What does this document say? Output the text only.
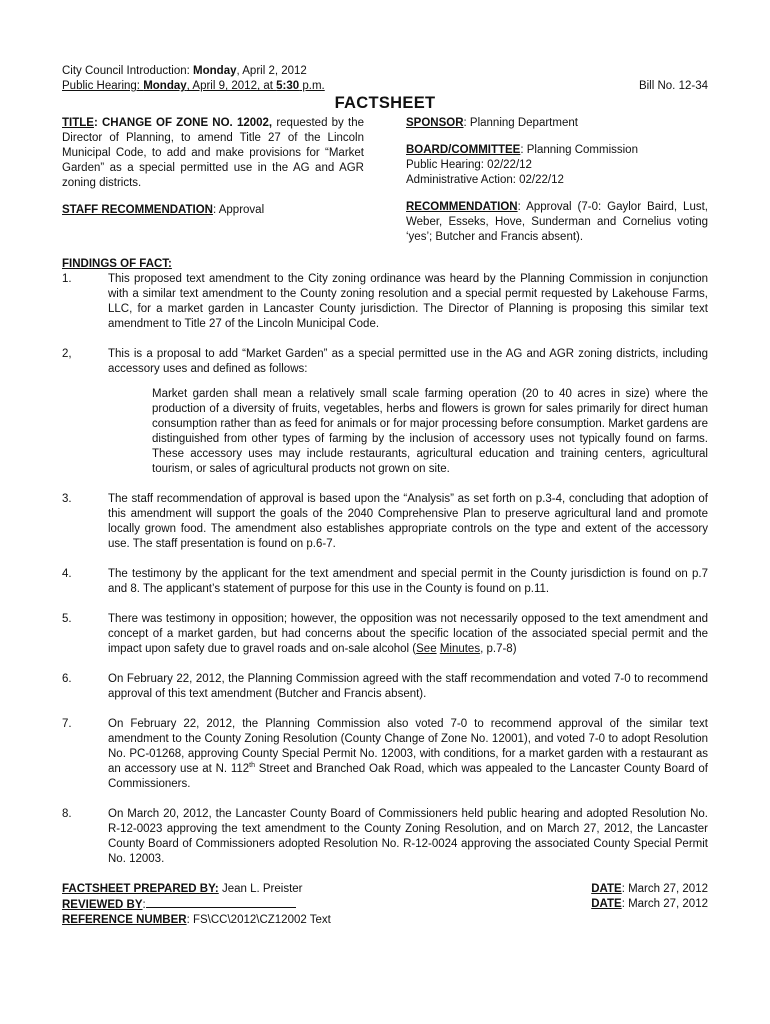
City Council Introduction: Monday, April 2, 2012
Public Hearing: Monday, April 9, 2012, at 5:30 p.m.	Bill No. 12-34
FACTSHEET
TITLE: CHANGE OF ZONE NO. 12002, requested by the Director of Planning, to amend Title 27 of the Lincoln Municipal Code, to add and make provisions for “Market Garden” as a special permitted use in the AG and AGR zoning districts.
STAFF RECOMMENDATION: Approval
SPONSOR: Planning Department
BOARD/COMMITTEE: Planning Commission
Public Hearing: 02/22/12
Administrative Action: 02/22/12
RECOMMENDATION: Approval (7-0: Gaylor Baird, Lust, Weber, Esseks, Hove, Sunderman and Cornelius voting ‘yes’; Butcher and Francis absent).
FINDINGS OF FACT:
1.	This proposed text amendment to the City zoning ordinance was heard by the Planning Commission in conjunction with a similar text amendment to the County zoning resolution and a special permit requested by Lakehouse Farms, LLC, for a market garden in Lancaster County jurisdiction. The Director of Planning is proposing this similar text amendment to Title 27 of the Lincoln Municipal Code.
2,	This is a proposal to add “Market Garden” as a special permitted use in the AG and AGR zoning districts, including accessory uses and defined as follows:
Market garden shall mean a relatively small scale farming operation (20 to 40 acres in size) where the production of a diversity of fruits, vegetables, herbs and flowers is grown for sales primarily for direct human consumption rather than as feed for animals or for major processing before consumption. Market gardens are distinguished from other types of farming by the inclusion of accessory uses not typically found on farms. These accessory uses may include restaurants, agricultural education and training centers, agricultural tourism, or sales of agricultural products not grown on site.
3.	The staff recommendation of approval is based upon the “Analysis” as set forth on p.3-4, concluding that adoption of this amendment will support the goals of the 2040 Comprehensive Plan to preserve agricultural land and promote locally grown food. The amendment also establishes appropriate controls on the type and extent of the accessory use. The staff presentation is found on p.6-7.
4.	The testimony by the applicant for the text amendment and special permit in the County jurisdiction is found on p.7 and 8. The applicant’s statement of purpose for this use in the County is found on p.11.
5.	There was testimony in opposition; however, the opposition was not necessarily opposed to the text amendment and concept of a market garden, but had concerns about the specific location of the associated special permit and the impact upon safety due to gravel roads and on-sale alcohol (See Minutes, p.7-8)
6.	On February 22, 2012, the Planning Commission agreed with the staff recommendation and voted 7-0 to recommend approval of this text amendment (Butcher and Francis absent).
7.	On February 22, 2012, the Planning Commission also voted 7-0 to recommend approval of the similar text amendment to the County Zoning Resolution (County Change of Zone No. 12001), and voted 7-0 to adopt Resolution No. PC-01268, approving County Special Permit No. 12003, with conditions, for a market garden with a restaurant as an accessory use at N. 112th Street and Branched Oak Road, which was appealed to the Lancaster County Board of Commissioners.
8.	On March 20, 2012, the Lancaster County Board of Commissioners held public hearing and adopted Resolution No. R-12-0023 approving the text amendment to the County Zoning Resolution, and on March 27, 2012, the Lancaster County Board of Commissioners adopted Resolution No. R-12-0024 approving the associated County Special Permit No. 12003.
FACTSHEET PREPARED BY: Jean L. Preister
REVIEWED BY:
REFERENCE NUMBER: FS\CC\2012\CZ12002 Text
DATE: March 27, 2012
DATE: March 27, 2012
